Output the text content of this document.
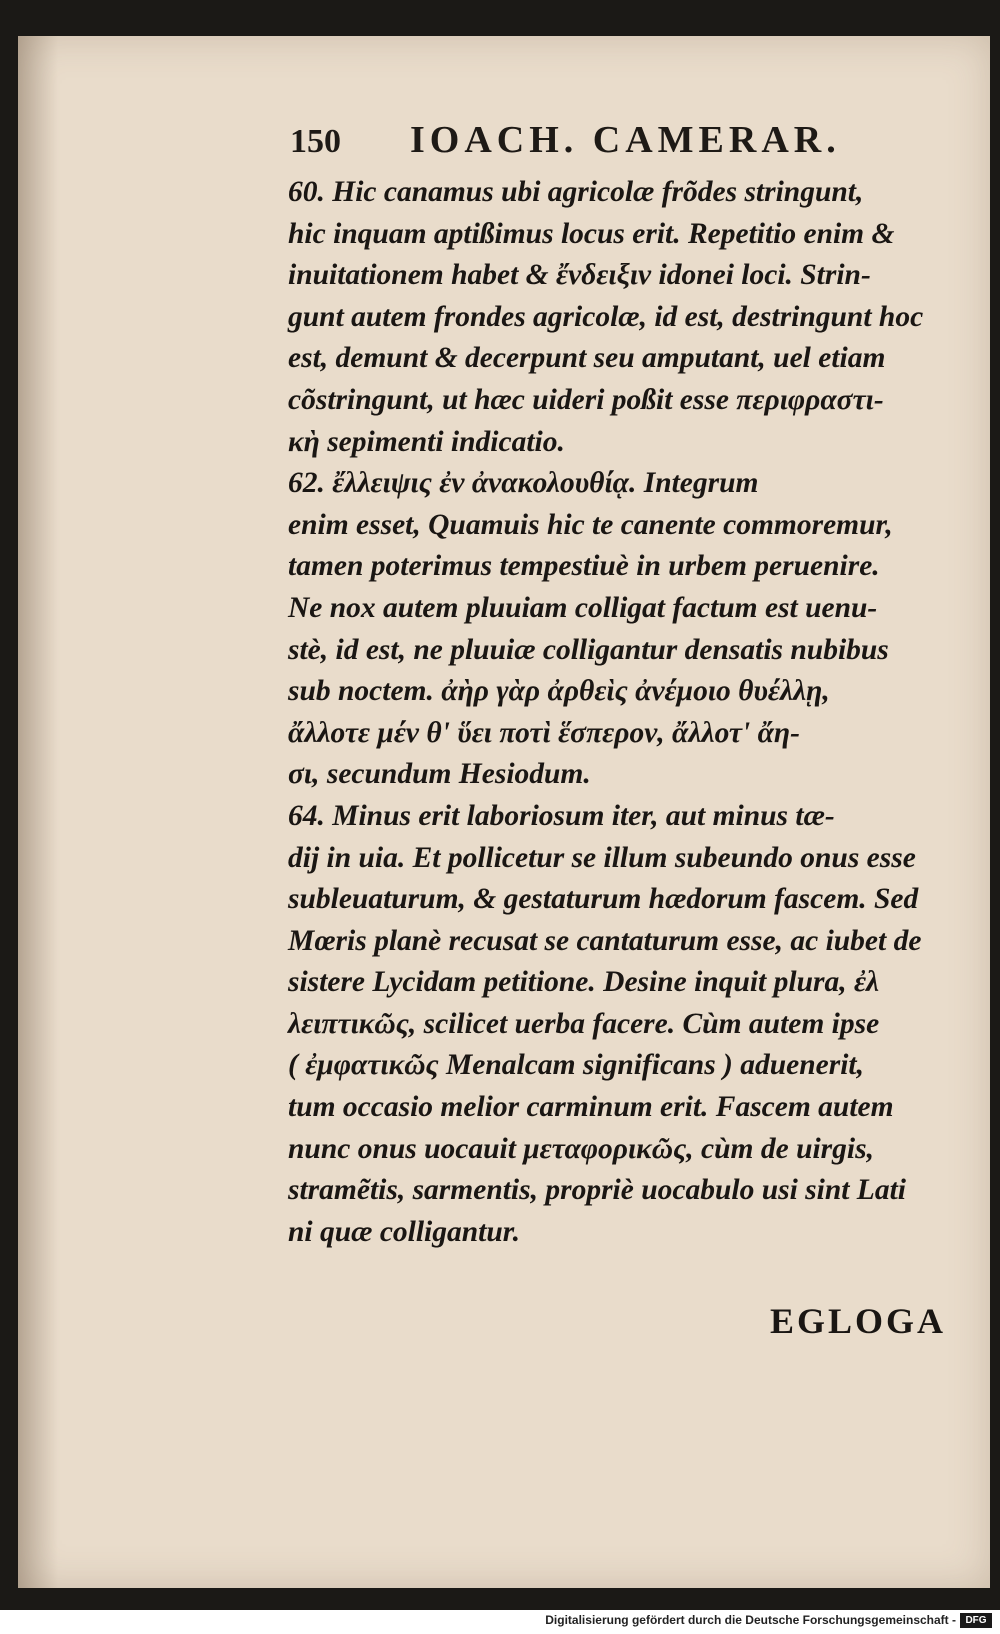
150	IOACH. CAMERAR.
60. Hic canamus ubi agricolæ frõdes stringunt,
hic inquam aptißimus locus erit. Repetitio enim &
inuitationem habet & ἔνδειξιν idonei loci. Strin-
gunt autem frondes agricolæ, id est, destringunt hoc
est, demunt & decerpunt seu amputant, uel etiam
cõstringunt, ut hæc uideri poßit esse περιφραστι-
κὴ sepimenti indicatio.
62. ἔλλειψις ἐν ἀνακολουθίᾳ. Integrum
enim esset, Quamuis hic te canente commoremur,
tamen poterimus tempestiuè in urbem peruenire.
Ne nox autem pluuiam colligat factum est uenu-
stè, id est, ne pluuiæ colligantur densatis nubibus
sub noctem. ἀὴρ γὰρ ἀρθεὶς ἀνέμοιο θυέλλῃ,
ἄλλοτε μέν θ' ὕει ποτὶ ἕσπερον, ἄλλοτ' ἄη-
σι, secundum Hesiodum.
64. Minus erit laboriosum iter, aut minus tæ-
dij in uia. Et pollicetur se illum subeundo onus esse
subleuaturum, & gestaturum hædorum fascem. Sed
Mœris planè recusat se cantaturum esse, ac iubet de
sistere Lycidam petitione. Desine inquit plura, ἐλ
λειπτικῶς, scilicet uerba facere. Cùm autem ipse
( ἐμφατικῶς Menalcam significans ) aduenerit,
tum occasio melior carminum erit. Fascem autem
nunc onus uocauit μεταφορικῶς, cùm de uirgis,
stramẽtis, sarmentis, propriè uocabulo usi sint Lati
ni quæ colligantur.
EGLOGA
Digitalisierung gefördert durch die Deutsche Forschungsgemeinschaft - DFG
